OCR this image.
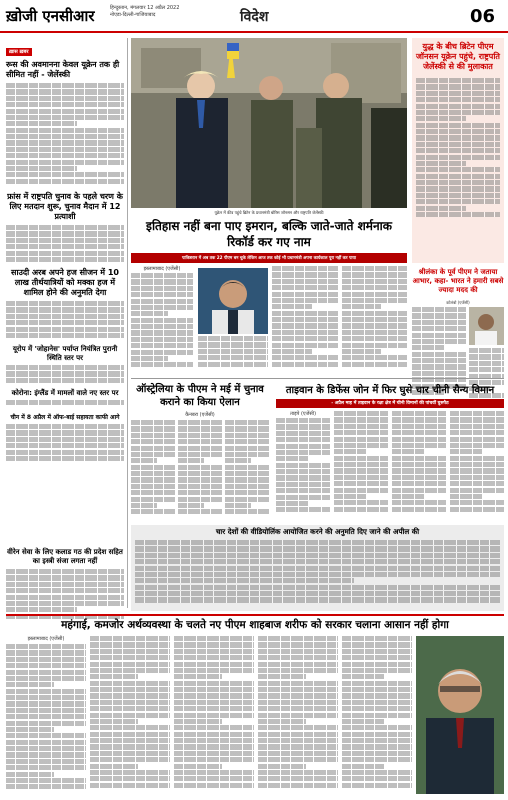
ख़ोजी एनसीआर	हिन्दुस्तान, मंगलवार 12 अप्रैल 2022
नोएडा-दिल्ली-गाजियाबाद	विदेश	06
ख़ास ख़बर
रूस की अवमानना केवल यूक्रेन तक ही सीमित नहीं - जेलेंस्की
फ्रांस में राष्ट्रपति चुनाव के पहले चरण के लिए मतदान शुरू, चुनाव मैदान में 12 प्रत्याशी
साउदी अरब अपने हज सीजन में 10 लाख तीर्थयात्रियों को मक्का हज में शामिल होने की अनुमति देगा
यूरोप में 'जोहानेस' पर्याप्त नियंत्रित पुरानी स्थिति स्तर पर
कोरोना: इंग्लैंड में मामलों वाले नए स्तर पर
चीन में 8 अप्रैल में ऑफ-बाई सहायता काफी आगे
वीरेन सेवा के लिए कलाड गठ की प्रदेश सहित का इस्त्री संजा लगता नहीं
यूक्रेन में कीव पहुंचे ब्रिटेन के प्रधानमंत्री बोरिस जॉनसन और राष्ट्रपति जेलेंस्की
युद्ध के बीच ब्रिटेन पीएम जॉनसन यूक्रेन पहुंचे, राष्ट्रपति जेलेंस्की से की मुलाकात
इतिहास नहीं बना पाए इमरान, बल्कि जाते-जाते शर्मनाक रिकॉर्ड कर गए नाम
पाकिस्तान में अब तक 22 पीएम बन चुके लेकिन आज तक कोई भी प्रधानमंत्री अपना कार्यकाल पूरा नहीं कर पाया
इस्लामाबाद (एजेंसी)	श्रीलंका के पूर्व पीएम ने जताया आभार, कहा- भारत ने हमारी सबसे ज्यादा मदद की
कोलंबो (एजेंसी)
ऑस्ट्रेलिया के पीएम ने मई में चुनाव कराने का किया ऐलान
कैनबरा (एजेंसी)
ताइवान के डिफेंस जोन में फिर घुसे चार चीनी सैन्य विमान
- अप्रैल माह में ताइवान के रक्षा क्षेत्र में चीनी विमानों की पांचवीं घुसपैठ
ताइपे (एजेंसी)
चार देशों की वीडियोलिंक आयोजित करने की अनुमति दिए जाने की अपील की
महंगाई, कमजोर अर्थव्यवस्था के चलते नए पीएम शाहबाज शरीफ को सरकार चलाना आसान नहीं होगा
इस्लामाबाद (एजेंसी)
